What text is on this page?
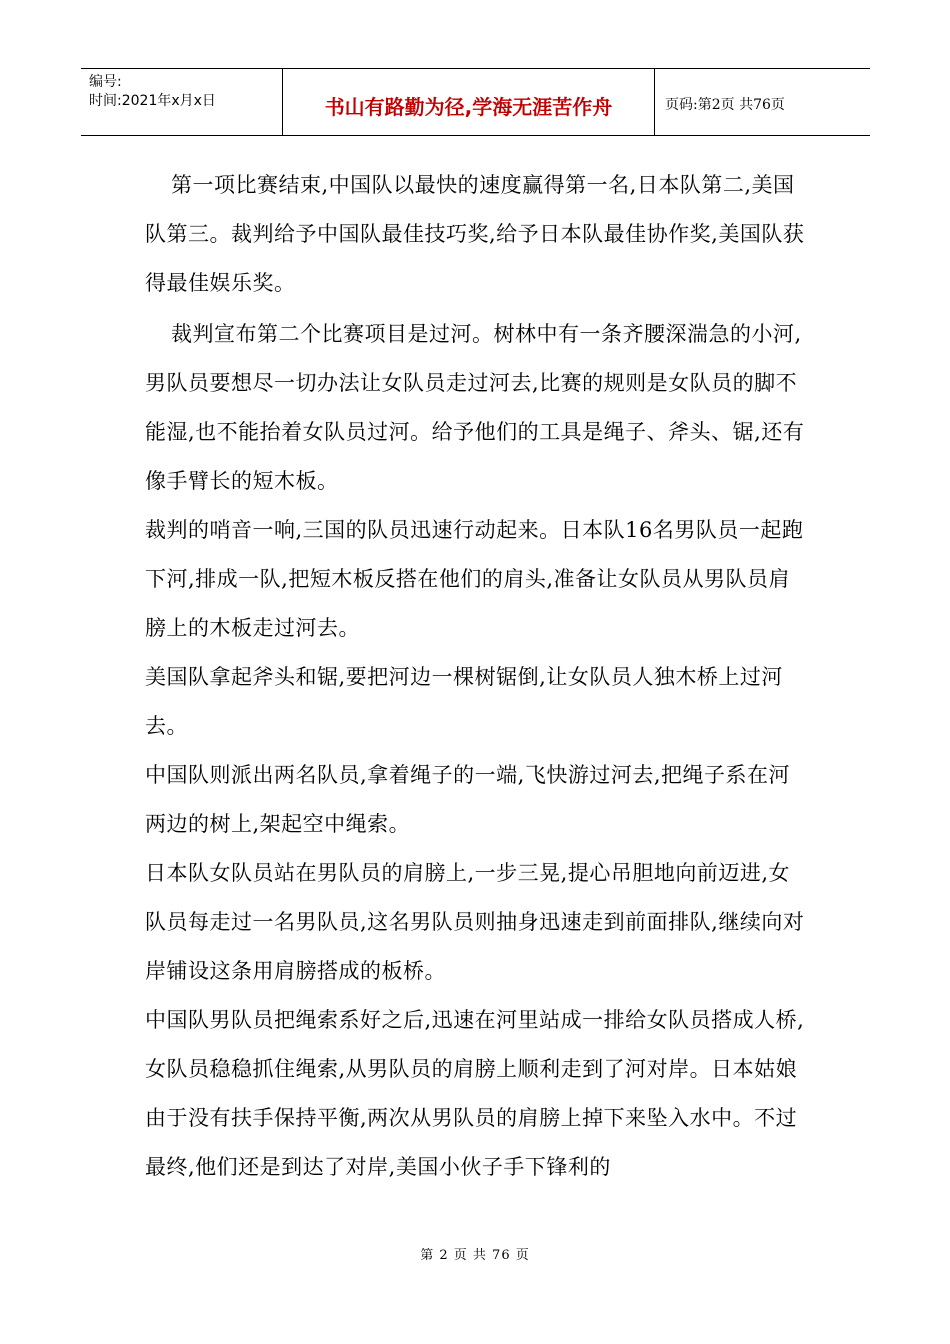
编号:
时间:2021年x月x日	书山有路勤为径,学海无涯苦作舟	页码:第2页 共76页

第一项比赛结束,中国队以最快的速度赢得第一名,日本队第二,美国队第三。裁判给予中国队最佳技巧奖,给予日本队最佳协作奖,美国队获得最佳娱乐奖。

裁判宣布第二个比赛项目是过河。树林中有一条齐腰深湍急的小河,男队员要想尽一切办法让女队员走过河去,比赛的规则是女队员的脚不能湿,也不能抬着女队员过河。给予他们的工具是绳子、斧头、锯,还有像手臂长的短木板。

裁判的哨音一响,三国的队员迅速行动起来。日本队16名男队员一起跑下河,排成一队,把短木板反搭在他们的肩头,准备让女队员从男队员肩膀上的木板走过河去。

美国队拿起斧头和锯,要把河边一棵树锯倒,让女队员人独木桥上过河去。

中国队则派出两名队员,拿着绳子的一端,飞快游过河去,把绳子系在河两边的树上,架起空中绳索。

日本队女队员站在男队员的肩膀上,一步三晃,提心吊胆地向前迈进,女队员每走过一名男队员,这名男队员则抽身迅速走到前面排队,继续向对岸铺设这条用肩膀搭成的板桥。

中国队男队员把绳索系好之后,迅速在河里站成一排给女队员搭成人桥,女队员稳稳抓住绳索,从男队员的肩膀上顺利走到了河对岸。日本姑娘由于没有扶手保持平衡,两次从男队员的肩膀上掉下来坠入水中。不过最终,他们还是到达了对岸,美国小伙子手下锋利的

第 2 页 共 76 页
